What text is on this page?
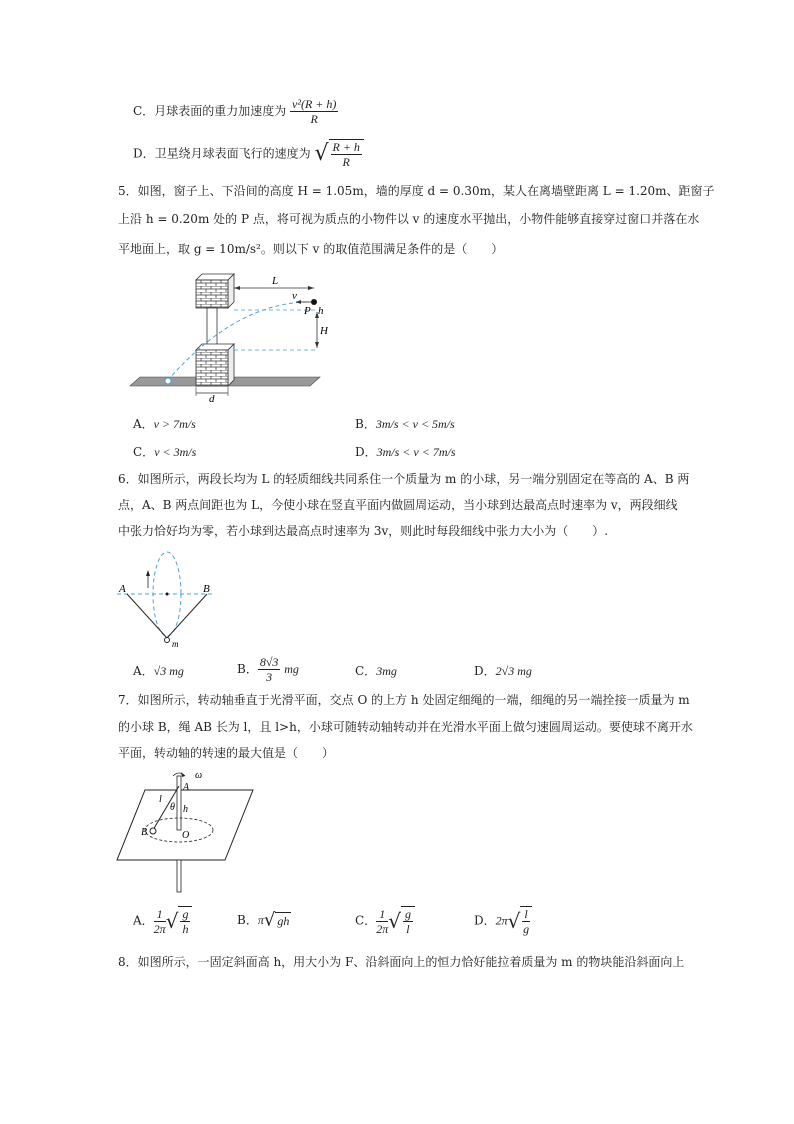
C．月球表面的重力加速度为 $\frac{\text{v²(R + h)}}{R}$
D．卫星绕月球表面飞行的速度为 √ $\frac{R + h}{R}$
5．如图，窗子上、下沿间的高度 H = 1.05m，墙的厚度 d = 0.30m，某人在离墙壁距离 L = 1.20m、距窗子
上沿 h = 0.20m 处的 P 点，将可视为质点的小物件以 v 的速度水平抛出，小物件能够直接穿过窗口并落在水
平地面上，取 g = 10m/s²。则以下 v 的取值范围满足条件的是（　　）
L
v
P h
H
d
A．v > 7m/s	B．3m/s < v < 5m/s
C．v < 3m/s	D．3m/s < v < 7m/s
6．如图所示，两段长均为 L 的轻质细线共同系住一个质量为 m 的小球，另一端分别固定在等高的 A、B 两
点，A、B 两点间距也为 L，今使小球在竖直平面内做圆周运动，当小球到达最高点时速率为 v，两段细线
中张力恰好均为零，若小球到达最高点时速率为 3v，则此时每段细线中张力大小为（　　）.
A	B
m
A．√3 mg	B． $\frac{8√3}{3}$ mg	C．3mg	D．2√3 mg
7．如图所示，转动轴垂直于光滑平面，交点 O 的上方 h 处固定细绳的一端，细绳的另一端拴接一质量为 m
的小球 B，绳 AB 长为 l，且 l>h，小球可随转动轴转动并在光滑水平面上做匀速圆周运动。要使球不离开水
平面，转动轴的转速的最大值是（　　）
ω
l
A
θ h
B	O
A． $\frac{1}{2\pi}$ √ $\frac{g}{h}$	B．π√ gh	C． $\frac{1}{2\pi}$ √ $\frac{g}{l}$	D．$2\pi√ \frac{l}{g}$
8．如图所示，一固定斜面高 h，用大小为 F、沿斜面向上的恒力恰好能拉着质量为 m 的物块能沿斜面向上
